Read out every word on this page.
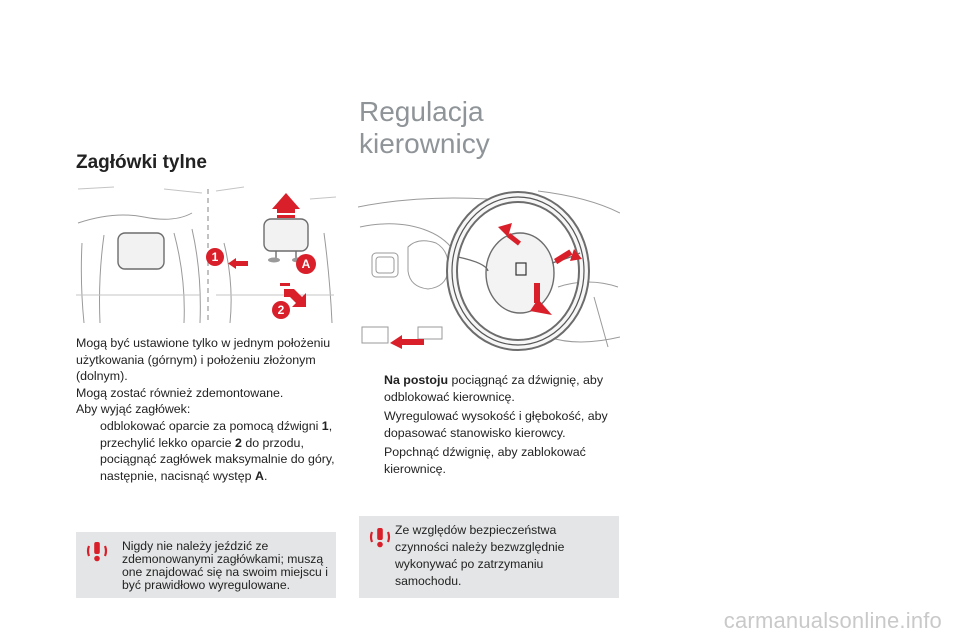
Zagłówki tylne
1	A
2

Mogą być ustawione tylko w jednym położeniu

użytkowania (górnym) i położeniu złożonym

(dolnym).

Mogą zostać również zdemontowane.

Aby wyjąć zagłówek:

odblokować oparcie za pomocą dźwigni 1,
przechylić lekko oparcie 2 do przodu,
pociągnąć zagłówek maksymalnie do góry,
następnie, nacisnąć występ A.
Nigdy nie należy jeździć ze
zdemonowanymi zagłówkami; muszą
one znajdować się na swoim miejscu i
być prawidłowo wyregulowane.
Regulacja
kierownicy
Na postoju pociągnąć za dźwignię, aby
odblokować kierownicę.
Wyregulować wysokość i głębokość, aby
dopasować stanowisko kierowcy.
Popchnąć dźwignię, aby zablokować
kierownicę.
Ze względów bezpieczeństwa
czynności należy bezwzględnie
wykonywać po zatrzymaniu
samochodu.
carmanualsonline.info
